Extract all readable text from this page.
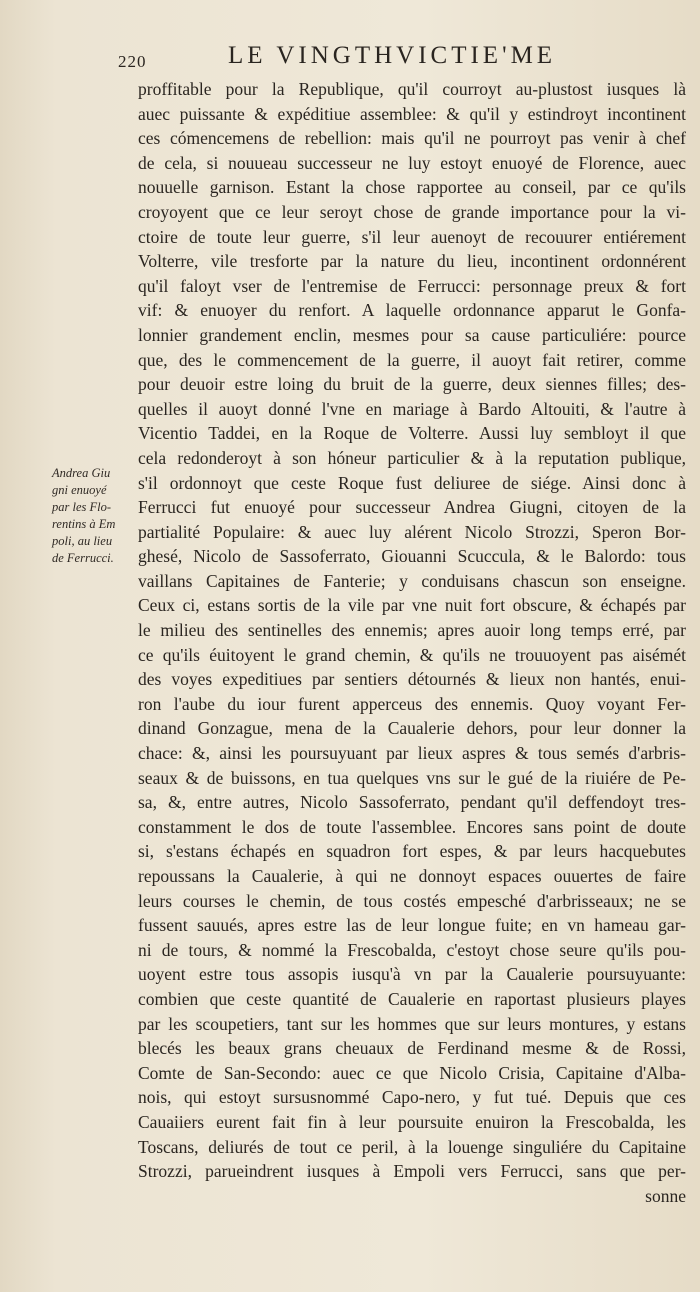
220	LE VINGTHVICTIE'ME
Andrea Giu
gni enuoyé
par les Flo-
rentins à Em
poli, au lieu
de Ferrucci.
proffitable pour la Republique, qu'il courroyt au-plustost iusques là
auec puissante & expéditiue assemblee: & qu'il y estindroyt incontinent
ces cómencemens de rebellion: mais qu'il ne pourroyt pas venir à chef
de cela, si nouueau successeur ne luy estoyt enuoyé de Florence, auec
nouuelle garnison. Estant la chose rapportee au conseil, par ce qu'ils
croyoyent que ce leur seroyt chose de grande importance pour la vi-
ctoire de toute leur guerre, s'il leur auenoyt de recouurer entiérement
Volterre, vile tresforte par la nature du lieu, incontinent ordonnérent
qu'il faloyt vser de l'entremise de Ferrucci: personnage preux & fort
vif: & enuoyer du renfort. A laquelle ordonnance apparut le Gonfa-
lonnier grandement enclin, mesmes pour sa cause particuliére: pource
que, des le commencement de la guerre, il auoyt fait retirer, comme
pour deuoir estre loing du bruit de la guerre, deux siennes filles; des-
quelles il auoyt donné l'vne en mariage à Bardo Altouiti, & l'autre à
Vicentio Taddei, en la Roque de Volterre. Aussi luy sembloyt il que
cela redonderoyt à son hóneur particulier & à la reputation publique,
s'il ordonnoyt que ceste Roque fust deliuree de siége. Ainsi donc à
Ferrucci fut enuoyé pour successeur Andrea Giugni, citoyen de la
partialité Populaire: & auec luy alérent Nicolo Strozzi, Speron Bor-
ghesé, Nicolo de Sassoferrato, Giouanni Scuccula, & le Balordo: tous
vaillans Capitaines de Fanterie; y conduisans chascun son enseigne.
Ceux ci, estans sortis de la vile par vne nuit fort obscure, & échapés par
le milieu des sentinelles des ennemis; apres auoir long temps erré, par
ce qu'ils éuitoyent le grand chemin, & qu'ils ne trouuoyent pas aisémét
des voyes expeditiues par sentiers détournés & lieux non hantés, enui-
ron l'aube du iour furent apperceus des ennemis. Quoy voyant Fer-
dinand Gonzague, mena de la Caualerie dehors, pour leur donner la
chace: &, ainsi les poursuyuant par lieux aspres & tous semés d'arbris-
seaux & de buissons, en tua quelques vns sur le gué de la riuiére de Pe-
sa, &, entre autres, Nicolo Sassoferrato, pendant qu'il deffendoyt tres-
constamment le dos de toute l'assemblee. Encores sans point de doute
si, s'estans échapés en squadron fort espes, & par leurs hacquebutes
repoussans la Caualerie, à qui ne donnoyt espaces ouuertes de faire
leurs courses le chemin, de tous costés empesché d'arbrisseaux; ne se
fussent sauués, apres estre las de leur longue fuite; en vn hameau gar-
ni de tours, & nommé la Frescobalda, c'estoyt chose seure qu'ils pou-
uoyent estre tous assopis iusqu'à vn par la Caualerie poursuyuante:
combien que ceste quantité de Caualerie en raportast plusieurs playes
par les scoupetiers, tant sur les hommes que sur leurs montures, y estans
blecés les beaux grans cheuaux de Ferdinand mesme & de Rossi,
Comte de San-Secondo: auec ce que Nicolo Crisia, Capitaine d'Alba-
nois, qui estoyt sursusnommé Capo-nero, y fut tué. Depuis que ces
Cauaiiers eurent fait fin à leur poursuite enuiron la Frescobalda, les
Toscans, deliurés de tout ce peril, à la louenge singuliére du Capitaine
Strozzi, parueindrent iusques à Empoli vers Ferrucci, sans que per-
sonne
